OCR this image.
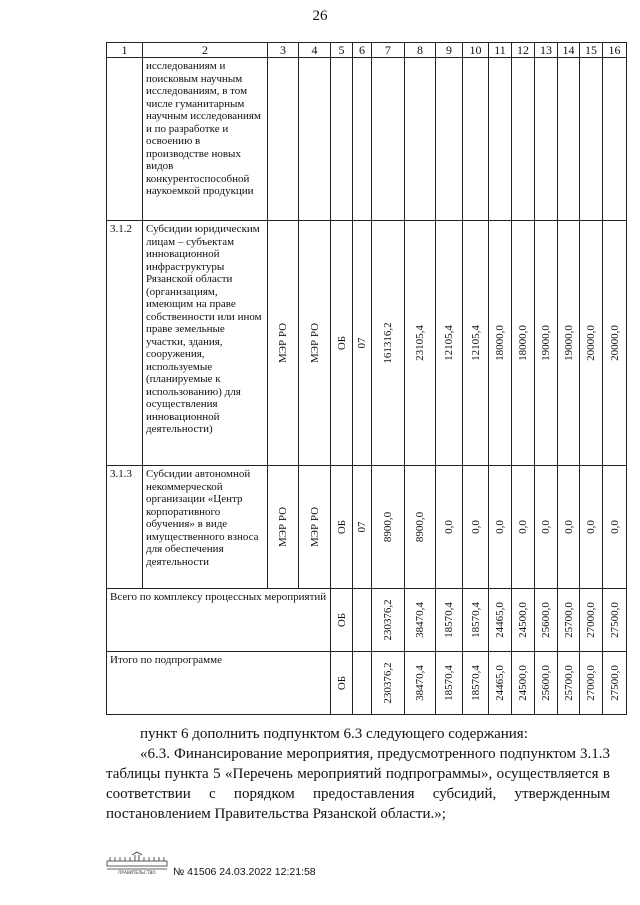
26
1	2	3	4	5	6	7	8	9	10	11	12	13	14	15	16

	исследованиям и поисковым научным исследованиям, в том числе гуманитарным научным исследованиям и по разработке и освоению в производстве новых видов конкурентоспособной наукоемкой продукции														

3.1.2	Субсидии юридическим лицам – субъектам инновационной инфраструктуры Рязанской области (организациям, имеющим на праве собственности или ином праве земельные участки, здания, сооружения, используемые (планируемые к использованию) для осуществления инновационной деятельности)	МЭР РО	МЭР РО	ОБ	07	161316,2	23105,4	12105,4	12105,4	18000,0	18000,0	19000,0	19000,0	20000,0	20000,0

3.1.3	Субсидии автономной некоммерческой организации «Центр корпоративного обучения» в виде имущественного взноса для обеспечения деятельности	МЭР РО	МЭР РО	ОБ	07	8900,0	8900,0	0,0	0,0	0,0	0,0	0,0	0,0	0,0	0,0

Всего по комплексу процессных мероприятий				ОБ		230376,2	38470,4	18570,4	18570,4	24465,0	24500,0	25600,0	25700,0	27000,0	27500,0

Итого по подпрограмме				ОБ		230376,2	38470,4	18570,4	18570,4	24465,0	24500,0	25600,0	25700,0	27000,0	27500,0
пункт 6 дополнить подпунктом 6.3 следующего содержания:
«6.3. Финансирование мероприятия, предусмотренного подпунктом 3.1.3 таблицы пункта 5 «Перечень мероприятий подпрограммы», осуществляется в соответствии с порядком предоставления субсидий, утвержденным постановлением Правительства Рязанской области.»;
ПРАВИТЕЛЬСТВО № 41506 24.03.2022 12:21:58
